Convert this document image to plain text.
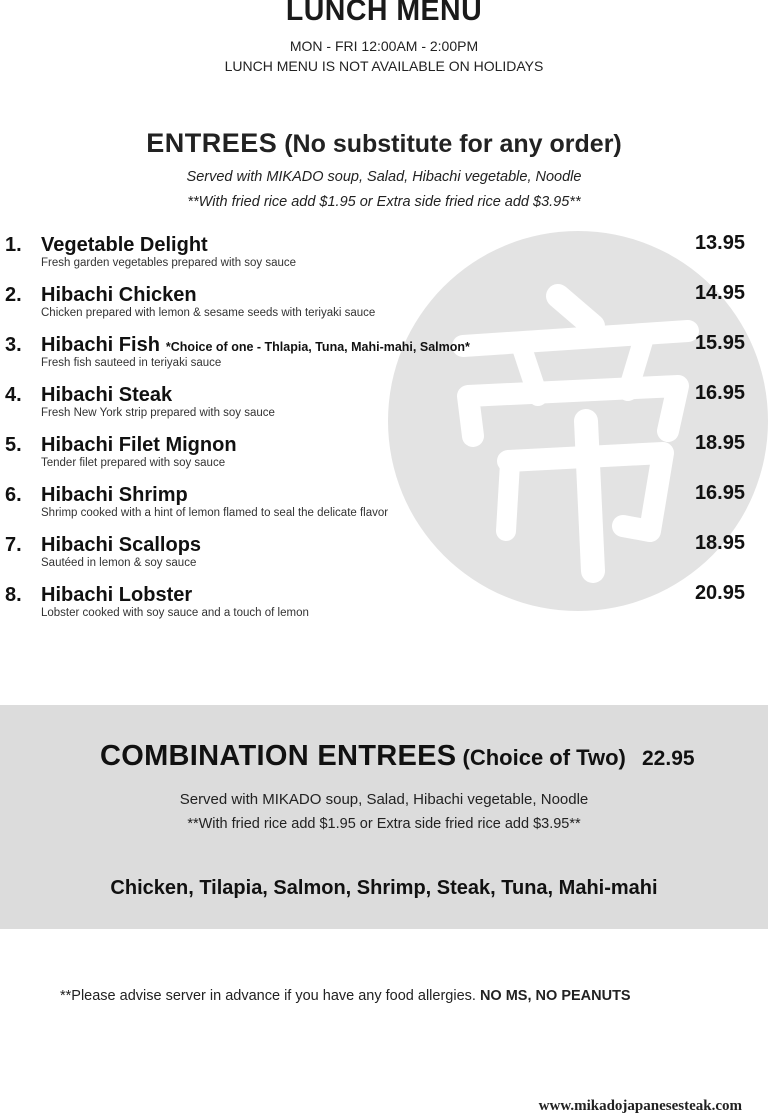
LUNCH MENU
MON - FRI 12:00AM - 2:00PM
LUNCH MENU IS NOT AVAILABLE ON HOLIDAYS
ENTREES (No substitute for any order)
Served with MIKADO soup, Salad, Hibachi vegetable, Noodle
**With fried rice add $1.95 or Extra side fried rice add $3.95**
1. Vegetable Delight
Fresh garden vegetables prepared with soy sauce
13.95
2. Hibachi Chicken
Chicken prepared with lemon & sesame seeds with teriyaki sauce
14.95
3. Hibachi Fish *Choice of one - Thlapia, Tuna, Mahi-mahi, Salmon*
Fresh fish sauteed in teriyaki sauce
15.95
4. Hibachi Steak
Fresh New York strip prepared with soy sauce
16.95
5. Hibachi Filet Mignon
Tender filet prepared with soy sauce
18.95
6. Hibachi Shrimp
Shrimp cooked with a hint of lemon flamed to seal the delicate flavor
16.95
7. Hibachi Scallops
Sautéed in lemon & soy sauce
18.95
8. Hibachi Lobster
Lobster cooked with soy sauce and a touch of lemon
20.95
COMBINATION ENTREES (Choice of Two) 22.95
Served with MIKADO soup, Salad, Hibachi vegetable, Noodle
**With fried rice add $1.95 or Extra side fried rice add $3.95**
Chicken, Tilapia, Salmon, Shrimp, Steak, Tuna, Mahi-mahi
**Please advise server in advance if you have any food allergies. NO MS, NO PEANUTS
www.mikadojapanesesteak.com
